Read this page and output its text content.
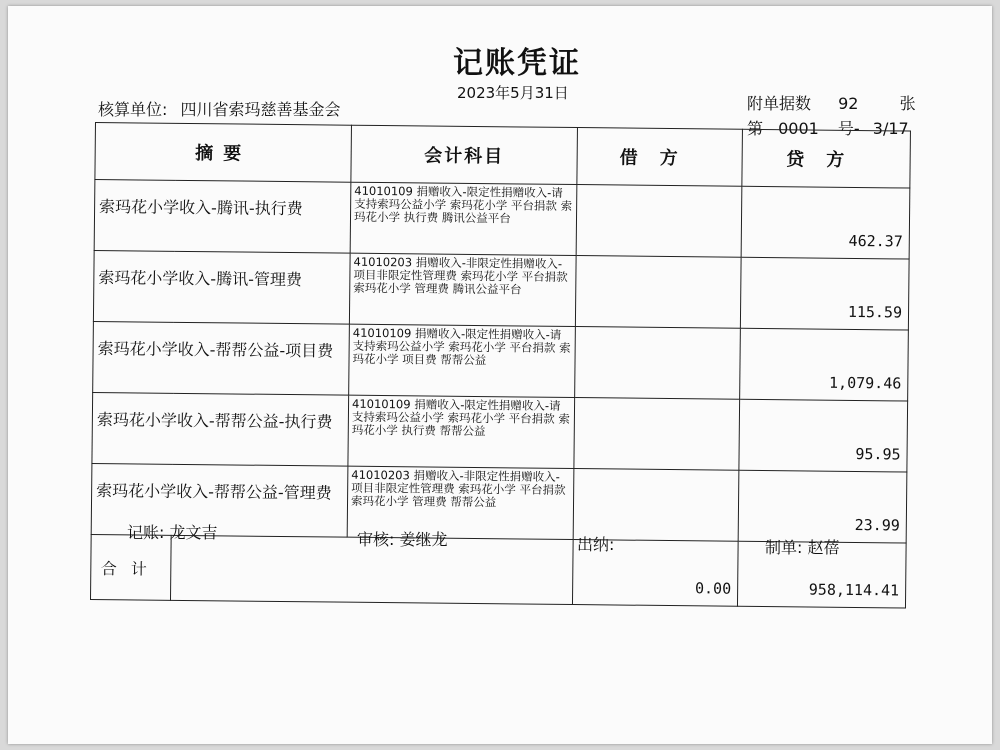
记账凭证
2023年5月31日
核算单位: 四川省索玛慈善基金会	附单据数 92	张
第 0001 号- 3/17
摘要		会计科目	借方	贷方
索玛花小学收入-腾讯-执行费		41010109 捐赠收入-限定性捐赠收入-请支持索玛公益小学 索玛花小学 平台捐款 索玛花小学 执行费 腾讯公益平台		462.37
索玛花小学收入-腾讯-管理费		41010203 捐赠收入-非限定性捐赠收入-项目非限定性管理费 索玛花小学 平台捐款 索玛花小学 管理费 腾讯公益平台		115.59
索玛花小学收入-帮帮公益-项目费		41010109 捐赠收入-限定性捐赠收入-请支持索玛公益小学 索玛花小学 平台捐款 索玛花小学 项目费 帮帮公益		1,079.46
索玛花小学收入-帮帮公益-执行费		41010109 捐赠收入-限定性捐赠收入-请支持索玛公益小学 索玛花小学 平台捐款 索玛花小学 执行费 帮帮公益		95.95
索玛花小学收入-帮帮公益-管理费		41010203 捐赠收入-非限定性捐赠收入-项目非限定性管理费 索玛花小学 平台捐款 索玛花小学 管理费 帮帮公益		23.99
合计			0.00	958,114.41
记账: 龙文吉	审核: 姜继龙	出纳:	制单: 赵蓓
